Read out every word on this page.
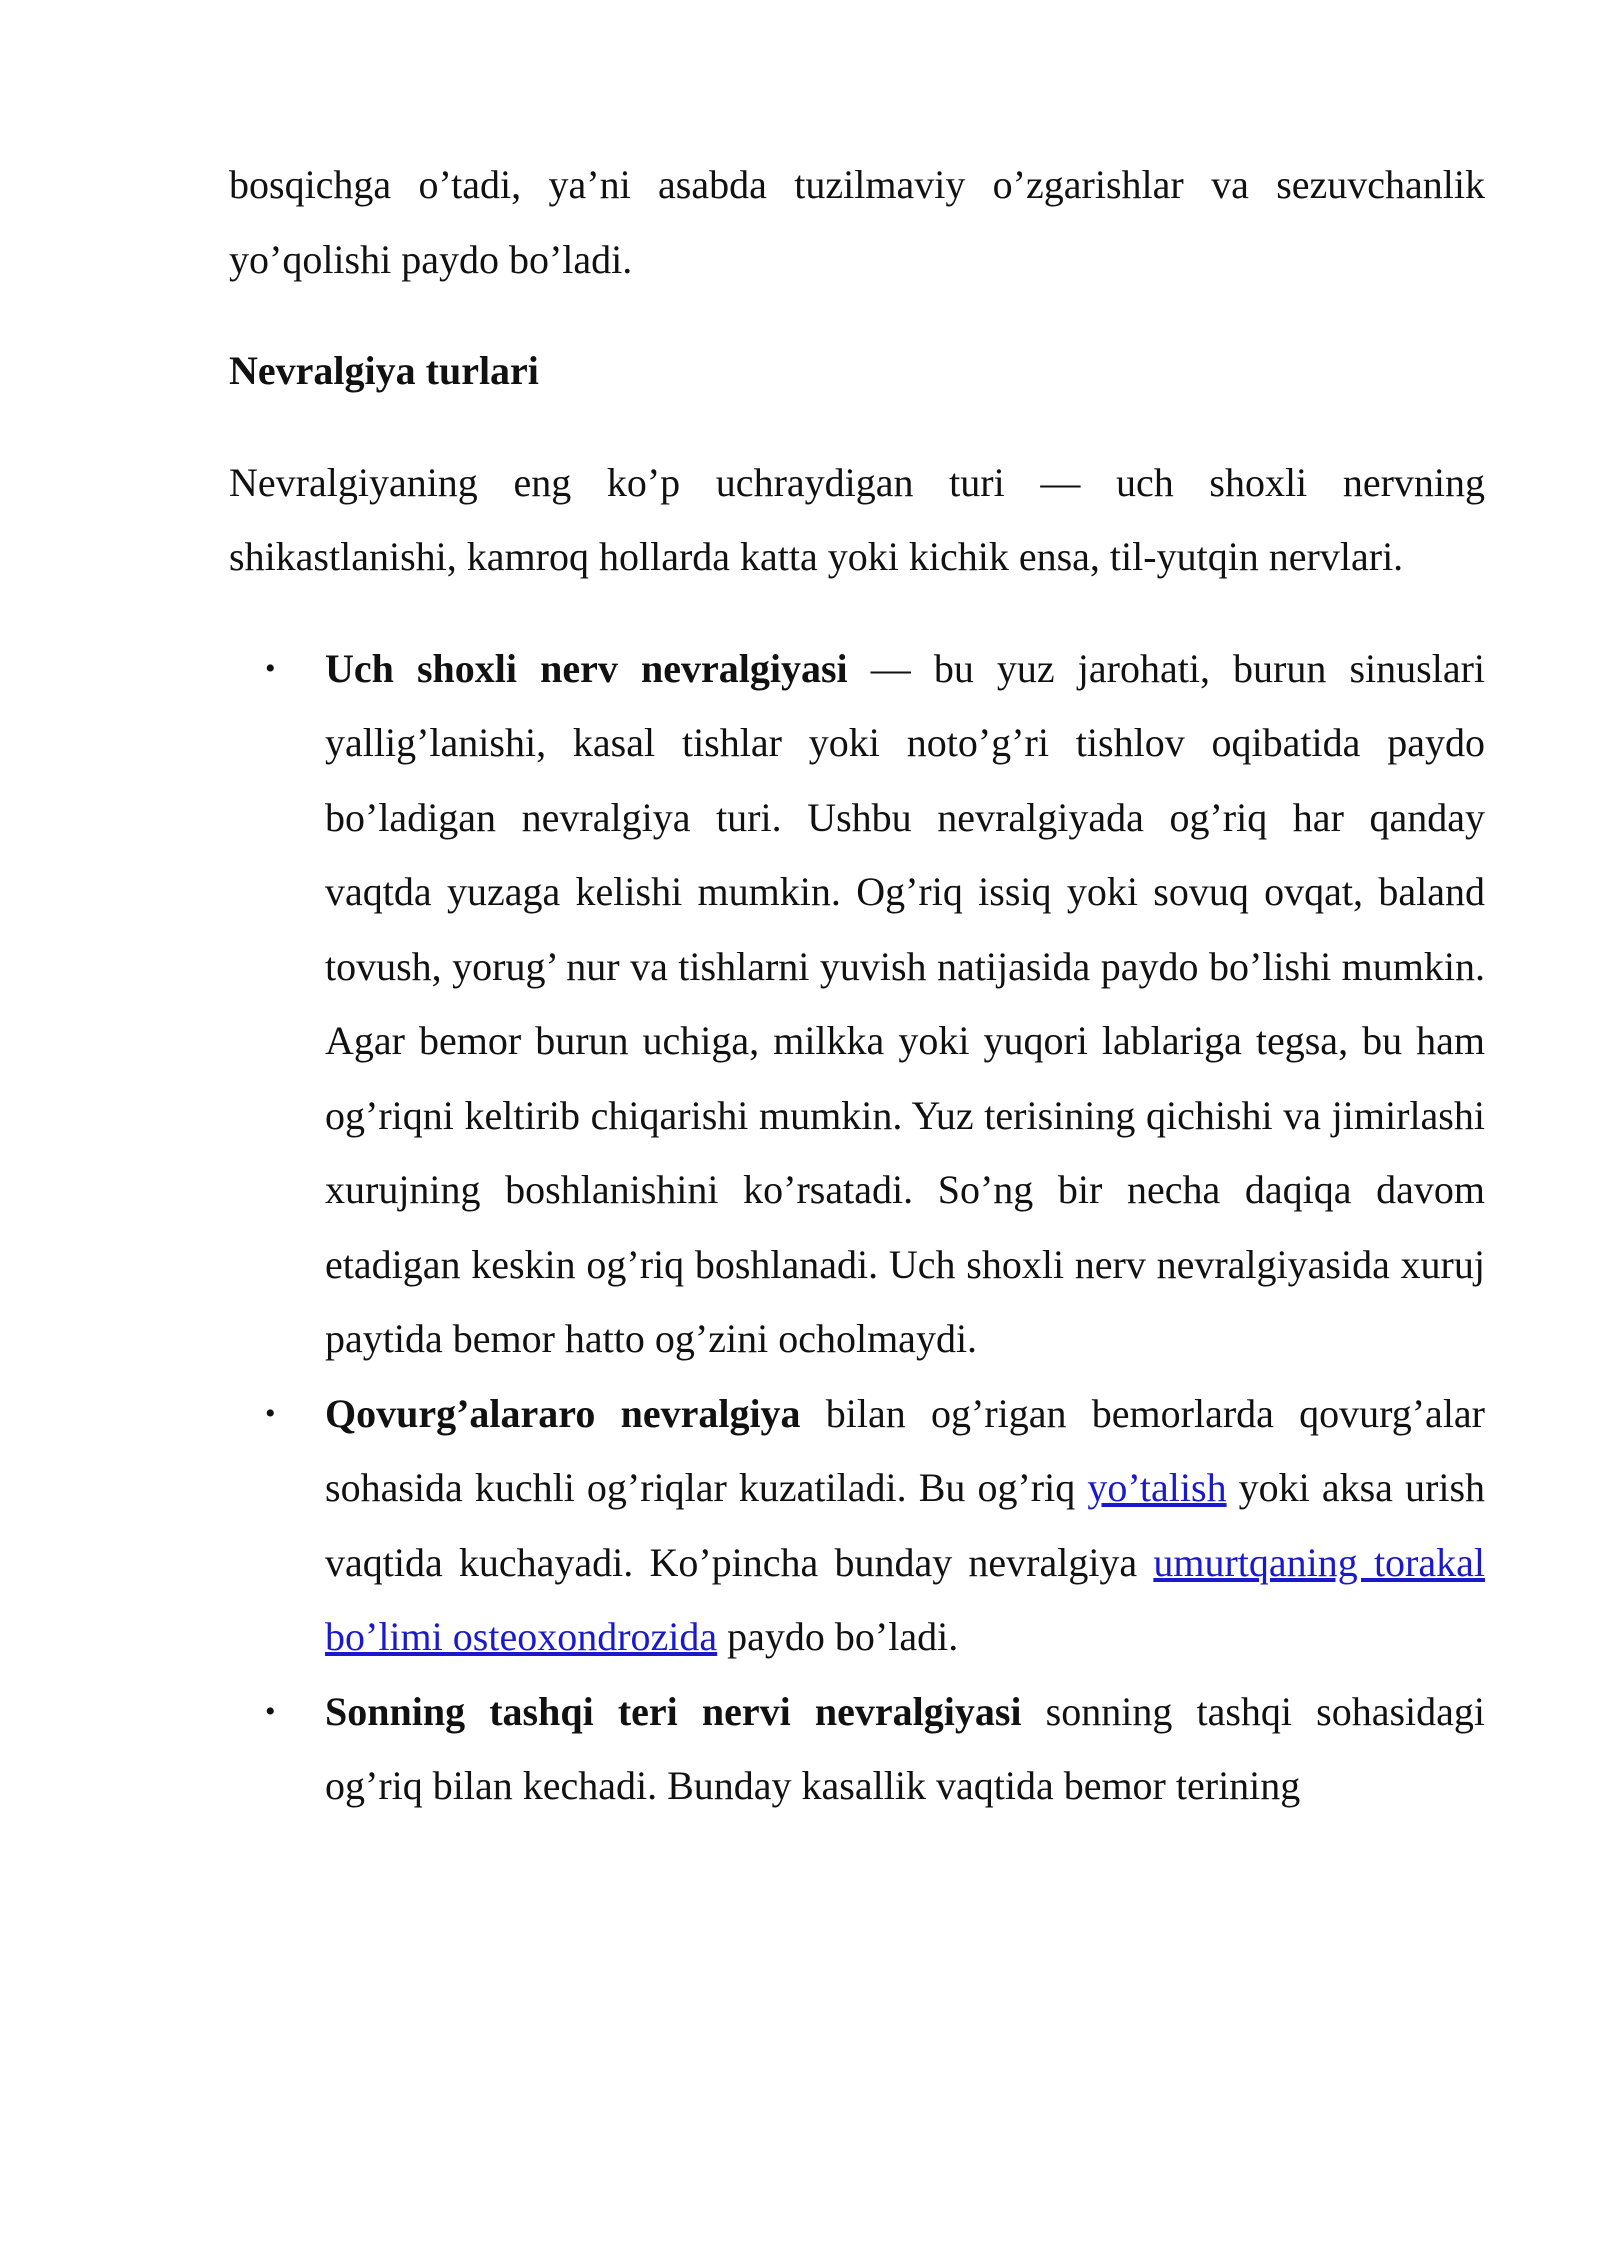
bosqichga o’tadi, ya’ni asabda tuzilmaviy o’zgarishlar va sezuvchanlik yo’qolishi paydo bo’ladi.

Nevralgiya turlari

Nevralgiyaning eng ko’p uchraydigan turi — uch shoxli nervning shikastlanishi, kamroq hollarda katta yoki kichik ensa, til-yutqin nervlari.

• Uch shoxli nerv nevralgiyasi — bu yuz jarohati, burun sinuslari yallig’lanishi, kasal tishlar yoki noto’g’ri tishlov oqibatida paydo bo’ladigan nevralgiya turi. Ushbu nevralgiyada og’riq har qanday vaqtda yuzaga kelishi mumkin. Og’riq issiq yoki sovuq ovqat, baland tovush, yorug’ nur va tishlarni yuvish natijasida paydo bo’lishi mumkin. Agar bemor burun uchiga, milkka yoki yuqori lablariga tegsa, bu ham og’riqni keltirib chiqarishi mumkin. Yuz terisining qichishi va jimirlashi xurujning boshlanishini ko’rsatadi. So’ng bir necha daqiqa davom etadigan keskin og’riq boshlanadi. Uch shoxli nerv nevralgiyasida xuruj paytida bemor hatto og’zini ocholmaydi.
• Qovurg’alararo nevralgiya bilan og’rigan bemorlarda qovurg’alar sohasida kuchli og’riqlar kuzatiladi. Bu og’riq yo’talish yoki aksa urish vaqtida kuchayadi. Ko’pincha bunday nevralgiya umurtqaning torakal bo’limi osteoxondrozida paydo bo’ladi.
• Sonning tashqi teri nervi nevralgiyasi sonning tashqi sohasidagi og’riq bilan kechadi. Bunday kasallik vaqtida bemor terining
